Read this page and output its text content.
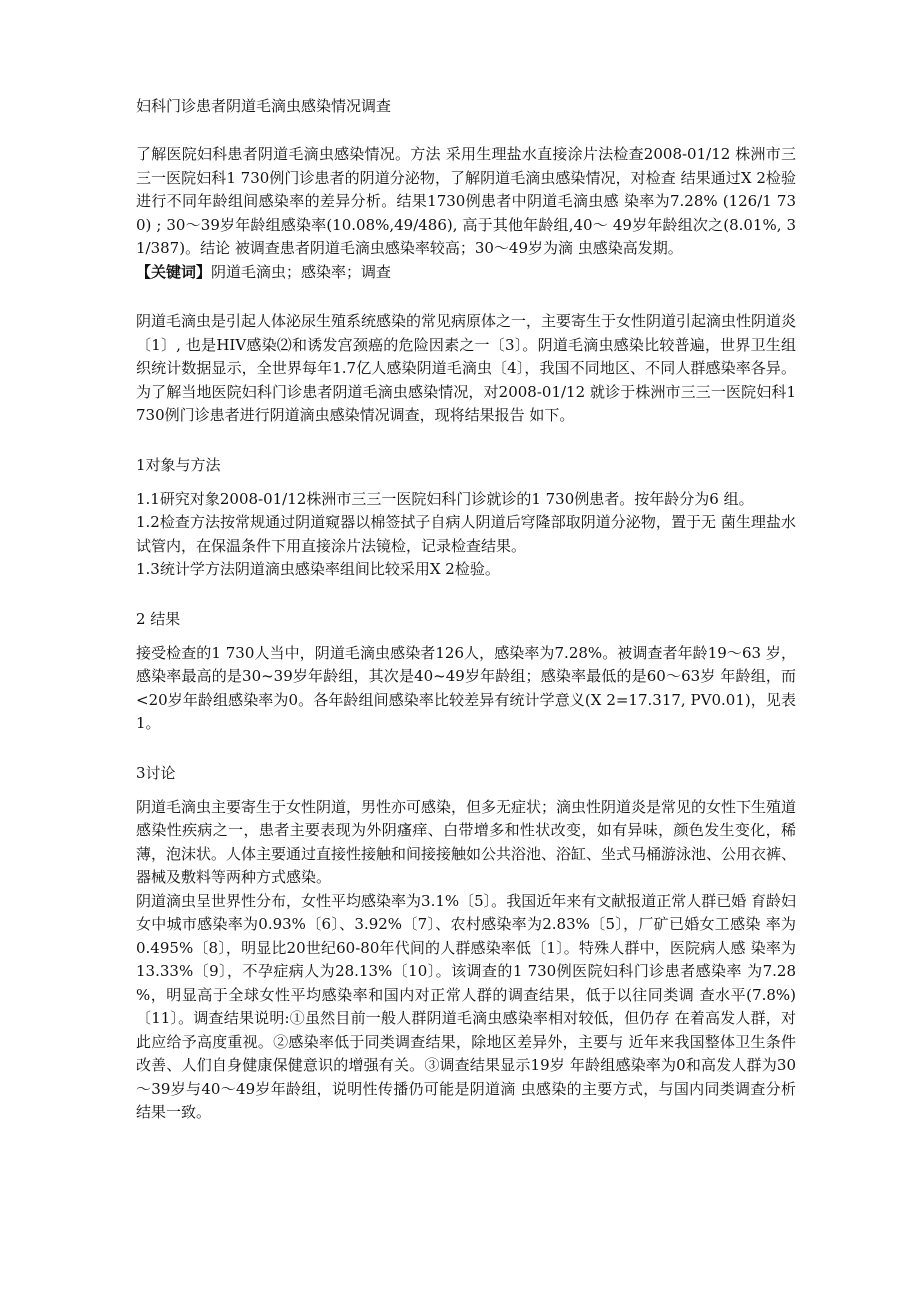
妇科门诊患者阴道毛滴虫感染情况调查

了解医院妇科患者阴道毛滴虫感染情况。方法 采用生理盐水直接涂片法检查2008-01/12 株洲市三三一医院妇科1 730例门诊患者的阴道分泌物，了解阴道毛滴虫感染情况，对检查 结果通过X 2检验进行不同年龄组间感染率的差异分析。结果1730例患者中阴道毛滴虫感 染率为7.28% (126/1 730) ; 30～39岁年龄组感染率(10.08%,49/486), 高于其他年龄组,40～ 49岁年龄组次之(8.01%, 31/387)。结论 被调查患者阴道毛滴虫感染率较高；30～49岁为滴 虫感染高发期。

【关键词】阴道毛滴虫；感染率；调查

阴道毛滴虫是引起人体泌尿生殖系统感染的常见病原体之一，主要寄生于女性阴道引起滴虫性阴道炎〔1〕, 也是HIV感染⑵和诱发宫颈癌的危险因素之一〔3〕。阴道毛滴虫感染比较普遍，世界卫生组织统计数据显示，全世界每年1.7亿人感染阴道毛滴虫〔4〕，我国不同地区、不同人群感染率各异。为了解当地医院妇科门诊患者阴道毛滴虫感染情况，对2008-01/12 就诊于株洲市三三一医院妇科1 730例门诊患者进行阴道滴虫感染情况调查，现将结果报告 如下。

1对象与方法

1.1研究对象2008-01/12株洲市三三一医院妇科门诊就诊的1 730例患者。按年龄分为6 组。

1.2检查方法按常规通过阴道窥器以棉签拭子自病人阴道后穹隆部取阴道分泌物，置于无 菌生理盐水试管内，在保温条件下用直接涂片法镜检，记录检查结果。

1.3统计学方法阴道滴虫感染率组间比较采用X 2检验。

2 结果

接受检查的1 730人当中，阴道毛滴虫感染者126人，感染率为7.28%。被调查者年龄19～63 岁，感染率最高的是30~39岁年龄组，其次是40~49岁年龄组；感染率最低的是60～63岁 年龄组，而<20岁年龄组感染率为0。各年龄组间感染率比较差异有统计学意义(X 2=17.317, PV0.01)，见表 1。

3讨论

阴道毛滴虫主要寄生于女性阴道，男性亦可感染，但多无症状；滴虫性阴道炎是常见的女性下生殖道感染性疾病之一，患者主要表现为外阴瘙痒、白带增多和性状改变，如有异味，颜色发生变化，稀薄，泡沫状。人体主要通过直接性接触和间接接触如公共浴池、浴缸、坐式马桶游泳池、公用衣裤、器械及敷料等两种方式感染。

阴道滴虫呈世界性分布，女性平均感染率为3.1%〔5〕。我国近年来有文献报道正常人群已婚 育龄妇女中城市感染率为0.93%〔6〕、3.92%〔7〕、农村感染率为2.83%〔5〕，厂矿已婚女工感染 率为0.495%〔8〕，明显比20世纪60-80年代间的人群感染率低〔1〕。特殊人群中，医院病人感 染率为13.33%〔9〕，不孕症病人为28.13%〔10〕。该调查的1 730例医院妇科门诊患者感染率 为7.28 %，明显高于全球女性平均感染率和国内对正常人群的调查结果，低于以往同类调 查水平(7.8%)〔11〕。调查结果说明:①虽然目前一般人群阴道毛滴虫感染率相对较低，但仍存 在着高发人群，对此应给予高度重视。②感染率低于同类调查结果，除地区差异外，主要与 近年来我国整体卫生条件改善、人们自身健康保健意识的增强有关。③调查结果显示19岁 年龄组感染率为0和高发人群为30～39岁与40～49岁年龄组，说明性传播仍可能是阴道滴 虫感染的主要方式，与国内同类调查分析结果一致。
